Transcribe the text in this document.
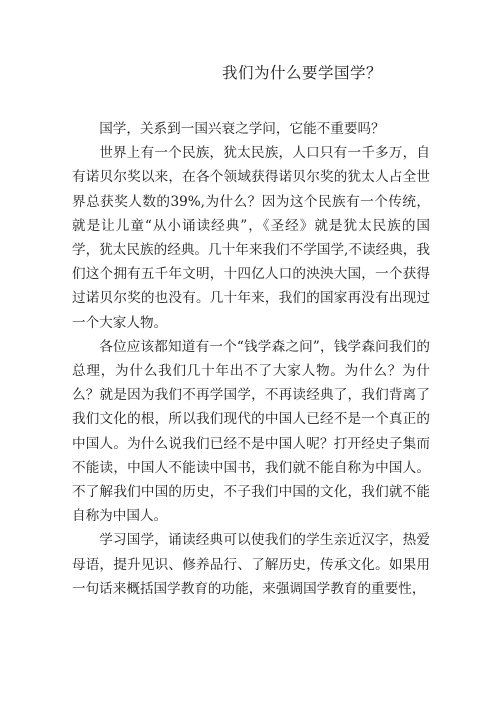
我们为什么要学国学？

国学，关系到一国兴衰之学问，它能不重要吗？

世界上有一个民族，犹太民族，人口只有一千多万，自有诺贝尔奖以来，在各个领域获得诺贝尔奖的犹太人占全世界总获奖人数的39%,为什么？因为这个民族有一个传统，就是让儿童“从小诵读经典”，《圣经》就是犹太民族的国学，犹太民族的经典。几十年来我们不学国学,不读经典，我们这个拥有五千年文明，十四亿人口的泱泱大国，一个获得过诺贝尔奖的也没有。几十年来，我们的国家再没有出现过一个大家人物。

各位应该都知道有一个“钱学森之问”，钱学森问我们的总理，为什么我们几十年出不了大家人物。为什么？为什么？就是因为我们不再学国学，不再读经典了，我们背离了我们文化的根，所以我们现代的中国人已经不是一个真正的中国人。为什么说我们已经不是中国人呢？打开经史子集而不能读，中国人不能读中国书，我们就不能自称为中国人。不了解我们中国的历史，不子我们中国的文化，我们就不能自称为中国人。

学习国学，诵读经典可以使我们的学生亲近汉字，热爱母语，提升见识、修养品行、了解历史，传承文化。如果用一句话来概括国学教育的功能，来强调国学教育的重要性，
